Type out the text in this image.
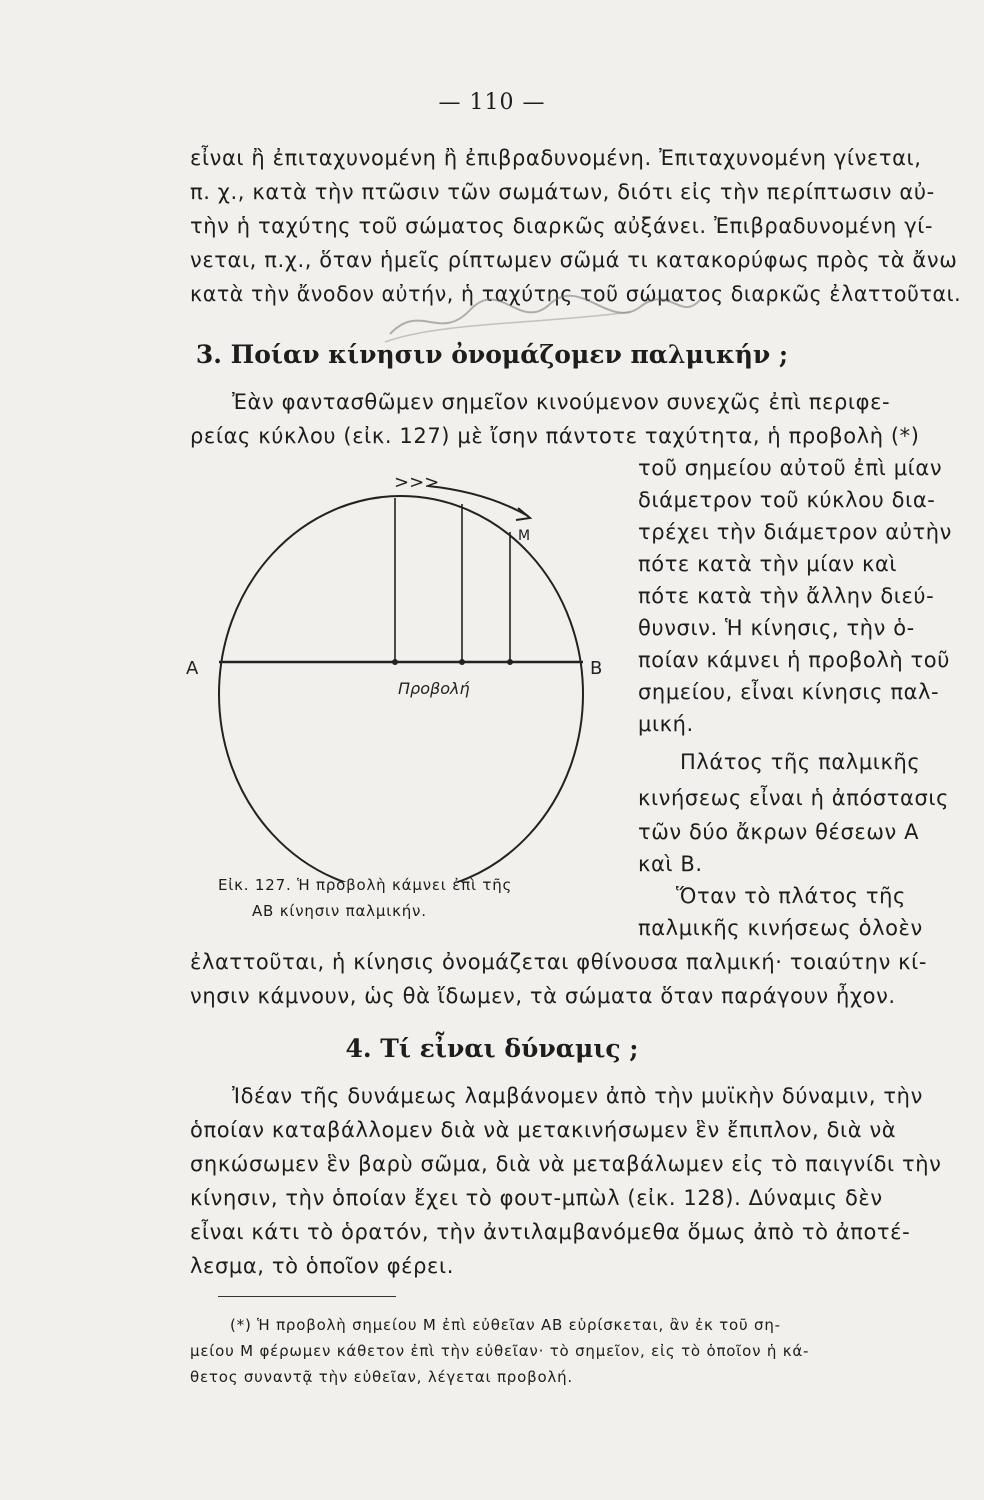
— 110 —
εἶναι ἢ ἐπιταχυνομένη ἢ ἐπιβραδυνομένη. Ἐπιταχυνομένη γίνεται,
π. χ., κατὰ τὴν πτῶσιν τῶν σωμάτων, διότι εἰς τὴν περίπτωσιν αὐ-
τὴν ἡ ταχύτης τοῦ σώματος διαρκῶς αὐξάνει. Ἐπιβραδυνομένη γί-
νεται, π.χ., ὅταν ἡμεῖς ρίπτωμεν σῶμά τι κατακορύφως πρὸς τὰ ἄνω
κατὰ τὴν ἄνοδον αὐτήν, ἡ ταχύτης τοῦ σώματος διαρκῶς ἐλαττοῦται.
3. Ποίαν κίνησιν ὀνομάζομεν παλμικήν ;
Ἐὰν φαντασθῶμεν σημεῖον κινούμενον συνεχῶς ἐπὶ περιφε-
ρείας κύκλου (εἰκ. 127) μὲ ἴσην πάντοτε ταχύτητα, ἡ προβολὴ (*)
τοῦ σημείου αὐτοῦ ἐπὶ μίαν
διάμετρον τοῦ κύκλου δια-
τρέχει τὴν διάμετρον αὐτὴν
πότε κατὰ τὴν μίαν καὶ
πότε κατὰ τὴν ἄλλην διεύ-
θυνσιν. Ἡ κίνησις, τὴν ὁ-
ποίαν κάμνει ἡ προβολὴ τοῦ
σημείου, εἶναι κίνησις παλ-
μική.
Πλάτος τῆς παλμικῆς
κινήσεως εἶναι ἡ ἀπόστασις
τῶν δύο ἄκρων θέσεων Α
καὶ Β.
Ὅταν τὸ πλάτος τῆς
παλμικῆς κινήσεως ὁλοὲν
>>>
Μ
Α	Β
Προβολή
Εἰκ. 127. Ἡ προβολὴ κάμνει ἐπὶ τῆς
ΑΒ κίνησιν παλμικήν.
ἐλαττοῦται, ἡ κίνησις ὀνομάζεται φθίνουσα παλμική· τοιαύτην κί-
νησιν κάμνουν, ὡς θὰ ἴδωμεν, τὰ σώματα ὅταν παράγουν ἦχον.
4. Τί εἶναι δύναμις ;
Ἰδέαν τῆς δυνάμεως λαμβάνομεν ἀπὸ τὴν μυϊκὴν δύναμιν, τὴν
ὁποίαν καταβάλλομεν διὰ νὰ μετακινήσωμεν ἓν ἔπιπλον, διὰ νὰ
σηκώσωμεν ἓν βαρὺ σῶμα, διὰ νὰ μεταβάλωμεν εἰς τὸ παιγνίδι τὴν
κίνησιν, τὴν ὁποίαν ἔχει τὸ φουτ-μπὼλ (εἰκ. 128). Δύναμις δὲν
εἶναι κάτι τὸ ὁρατόν, τὴν ἀντιλαμβανόμεθα ὅμως ἀπὸ τὸ ἀποτέ-
λεσμα, τὸ ὁποῖον φέρει.
(*) Ἡ προβολὴ σημείου Μ ἐπὶ εὐθεῖαν ΑΒ εὑρίσκεται, ἂν ἐκ τοῦ ση-
μείου Μ φέρωμεν κάθετον ἐπὶ τὴν εὐθεῖαν· τὸ σημεῖον, εἰς τὸ ὁποῖον ἡ κά-
θετος συναντᾷ τὴν εὐθεῖαν, λέγεται προβολή.
